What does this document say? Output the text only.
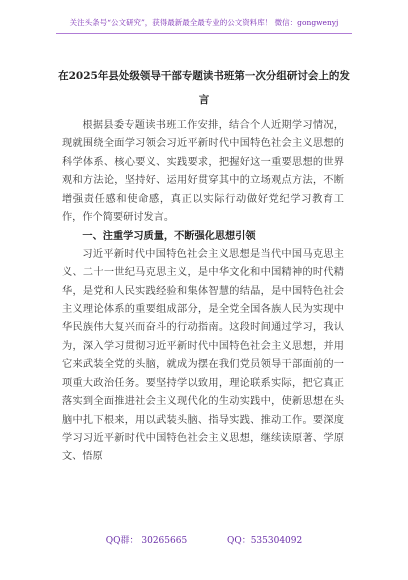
关注头条号“公文研究”，获得最新最全最专业的公文资料库！ 微信：gongwenyj
在2025年县处级领导干部专题读书班第一次分组研讨会上的发言

根据县委专题读书班工作安排，结合个人近期学习情况，现就围绕全面学习领会习近平新时代中国特色社会主义思想的科学体系、核心要义、实践要求，把握好这一重要思想的世界观和方法论，坚持好、运用好贯穿其中的立场观点方法，不断增强责任感和使命感，真正以实际行动做好党纪学习教育工作，作个简要研讨发言。

一、注重学习质量，不断强化思想引领

习近平新时代中国特色社会主义思想是当代中国马克思主义、二十一世纪马克思主义，是中华文化和中国精神的时代精华，是党和人民实践经验和集体智慧的结晶，是中国特色社会主义理论体系的重要组成部分，是全党全国各族人民为实现中华民族伟大复兴而奋斗的行动指南。这段时间通过学习，我认为，深入学习贯彻习近平新时代中国特色社会主义思想，并用它来武装全党的头脑，就成为摆在我们党员领导干部面前的一项重大政治任务。要坚持学以致用，理论联系实际，把它真正落实到全面推进社会主义现代化的生动实践中，使新思想在头脑中扎下根来，用以武装头脑、指导实践、推动工作。要深度学习习近平新时代中国特色社会主义思想，继续读原著、学原文、悟原

QQ群： 30265665	QQ：535304092
